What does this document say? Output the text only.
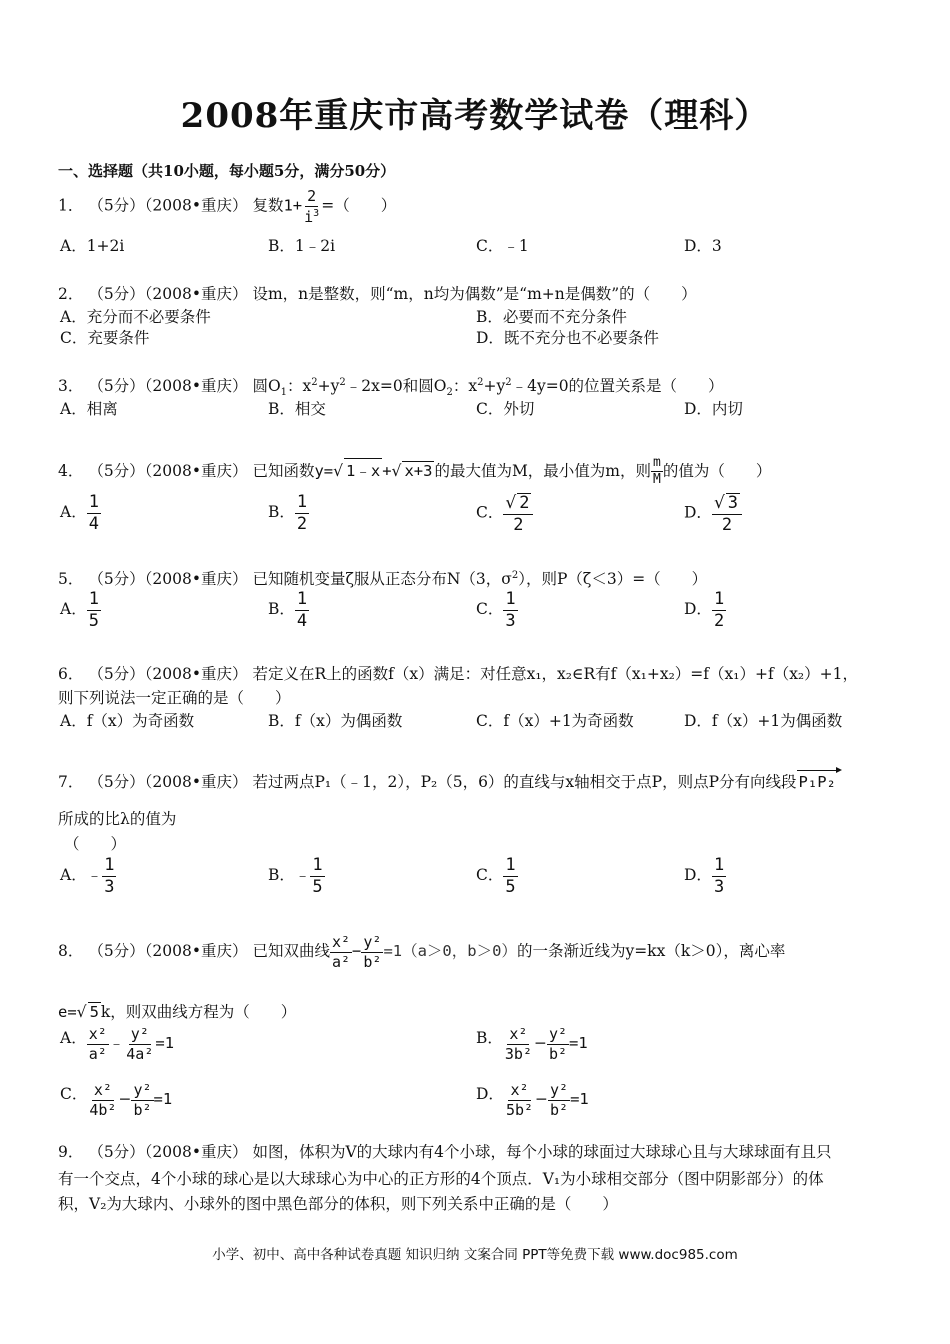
2008年重庆市高考数学试卷（理科）
一、选择题（共10小题，每小题5分，满分50分）
1． （5分）（2008•重庆） 复数$1+ \frac{2}{i^3}$ =（　　）
A．1+2i	B．1﹣2i	C．﹣1	D．3
2． （5分）（2008•重庆） 设m，n是整数，则“m，n均为偶数”是“m+n是偶数”的（　　）
A．充分而不必要条件	B．必要而不充分条件
C．充要条件	D．既不充分也不必要条件
3． （5分）（2008•重庆） 圆$O_1$：$x^2+y^2﹣2x=0$和圆$O_2$：$x^2+y^2﹣4y=0$的位置关系是（　　）
A．相离	B．相交	C．外切	D．内切
4． （5分）（2008•重庆） 已知函数y=√ 1﹣x +√ x+3 的最大值为M，最小值为m，则 $\frac{m}{M}$ 的值为（　　）
A． $\frac{1}{4}$	B． $\frac{1}{2}$	C． $\frac{√ 2}{2}$	D． $\frac{√ 3}{2}$
5． （5分）（2008•重庆） 已知随机变量ζ服从正态分布N（3，$\sigma^2$），则P（ζ＜3）=（　　）
A． $\frac{1}{5}$	B． $\frac{1}{4}$	C． $\frac{1}{3}$	D． $\frac{1}{2}$
6． （5分）（2008•重庆） 若定义在R上的函数f（x）满足：对任意x₁，x₂∈R有f（x₁+x₂）=f（x₁）+f（x₂）+1，
则下列说法一定正确的是（　　）
A．f（x）为奇函数	B．f（x）为偶函数	C．f（x）+1为奇函数	D．f（x）+1为偶函数
7． （5分）（2008•重庆） 若过两点P₁（﹣1，2），P₂（5，6）的直线与x轴相交于点P，则点P分有向线段 P₁P₂
所成的比λ的值为
（　　）
A．﹣ $\frac{1}{3}$	B．﹣ $\frac{1}{5}$	C． $\frac{1}{5}$	D． $\frac{1}{3}$
8． （5分）（2008•重庆） 已知双曲线 $\frac{\text{x²}}{\text{a²}} - \frac{\text{y²}}{\text{b²}} =1(a>0$，b＞0）的一条渐近线为y=kx（k＞0），离心率
e=√ 5 k，则双曲线方程为（　　）
A． $\frac{\text{x²}}{\text{a²}}$ ﹣ $\frac{\text{y²}}{\text{4a²}} =1$	B． $\frac{\text{x²}}{\text{3b²}} - \frac{\text{y²}}{\text{b²}} =1$
C． $\frac{\text{x²}}{\text{4b²}} - \frac{\text{y²}}{\text{b²}} =1$	D． $\frac{\text{x²}}{\text{5b²}} - \frac{\text{y²}}{\text{b²}} =1$
9． （5分）（2008•重庆） 如图，体积为V的大球内有4个小球，每个小球的球面过大球球心且与大球球面有且只
有一个交点，4个小球的球心是以大球球心为中心的正方形的4个顶点．V₁为小球相交部分（图中阴影部分）的体
积，V₂为大球内、小球外的图中黑色部分的体积，则下列关系中正确的是（　　）
小学、初中、高中各种试卷真题 知识归纳 文案合同 PPT等免费下载 www.doc985.com
